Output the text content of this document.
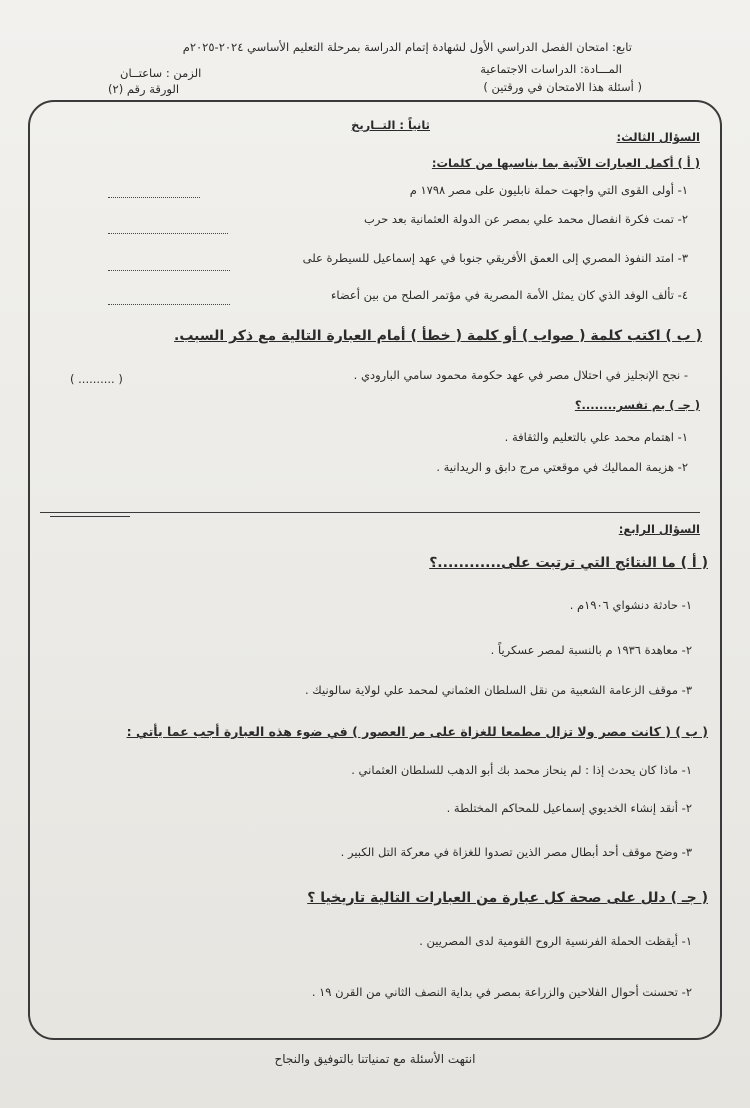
تابع: امتحان الفصل الدراسي الأول لشهادة إتمام الدراسة بمرحلة التعليم الأساسي ٢٠٢٤-٢٠٢٥م
المـــادة: الدراسات الاجتماعية
الزمن : ساعتــان
( أسئلة هذا الامتحان في ورقتين )
الورقة رقم (٢)
ثانياً : التــاريخ
السؤال الثالث:
( أ ) أكمل العبارات الآتية بما يناسبها من كلمات:
١- أولى القوى التي واجهت حملة نابليون على مصر ١٧٩٨ م
٢- تمت فكرة انفصال محمد علي بمصر عن الدولة العثمانية بعد حرب
٣- امتد النفوذ المصري إلى العمق الأفريقي جنوبا في عهد إسماعيل للسيطرة على
٤- تألف الوفد الذي كان يمثل الأمة المصرية في مؤتمر الصلح من بين أعضاء
( ب ) اكتب كلمة ( صواب ) أو كلمة ( خطأ ) أمام العبارة التالية مع ذكر السبب.
- نجح الإنجليز في احتلال مصر في عهد حكومة محمود سامي البارودي .
( .......... )
( جـ ) بم تفسر........؟
١- اهتمام محمد علي بالتعليم والثقافة .
٢- هزيمة المماليك في موقعتي مرج دابق و الريدانية .
السؤال الرابع:
( أ ) ما النتائج التي ترتبت على............؟
١- حادثة دنشواي ١٩٠٦م .
٢- معاهدة ١٩٣٦ م بالنسبة لمصر عسكرياً .
٣- موقف الزعامة الشعبية من نقل السلطان العثماني لمحمد علي لولاية سالونيك .
( ب ) ( كانت مصر ولا تزال مطمعا للغزاة على مر العصور ) في ضوء هذه العبارة أجب عما يأتي :
١- ماذا كان يحدث إذا : لم ينحاز محمد بك أبو الدهب للسلطان العثماني .
٢- أنقد إنشاء الخديوي إسماعيل للمحاكم المختلطة .
٣- وضح موقف أحد أبطال مصر الذين تصدوا للغزاة في معركة التل الكبير .
( جـ ) دلل على صحة كل عبارة من العبارات التالية تاريخيا ؟
١- أيقظت الحملة الفرنسية الروح القومية لدى المصريين .
٢- تحسنت أحوال الفلاحين والزراعة بمصر في بداية النصف الثاني من القرن ١٩ .
انتهت الأسئلة مع تمنياتنا بالتوفيق والنجاح
